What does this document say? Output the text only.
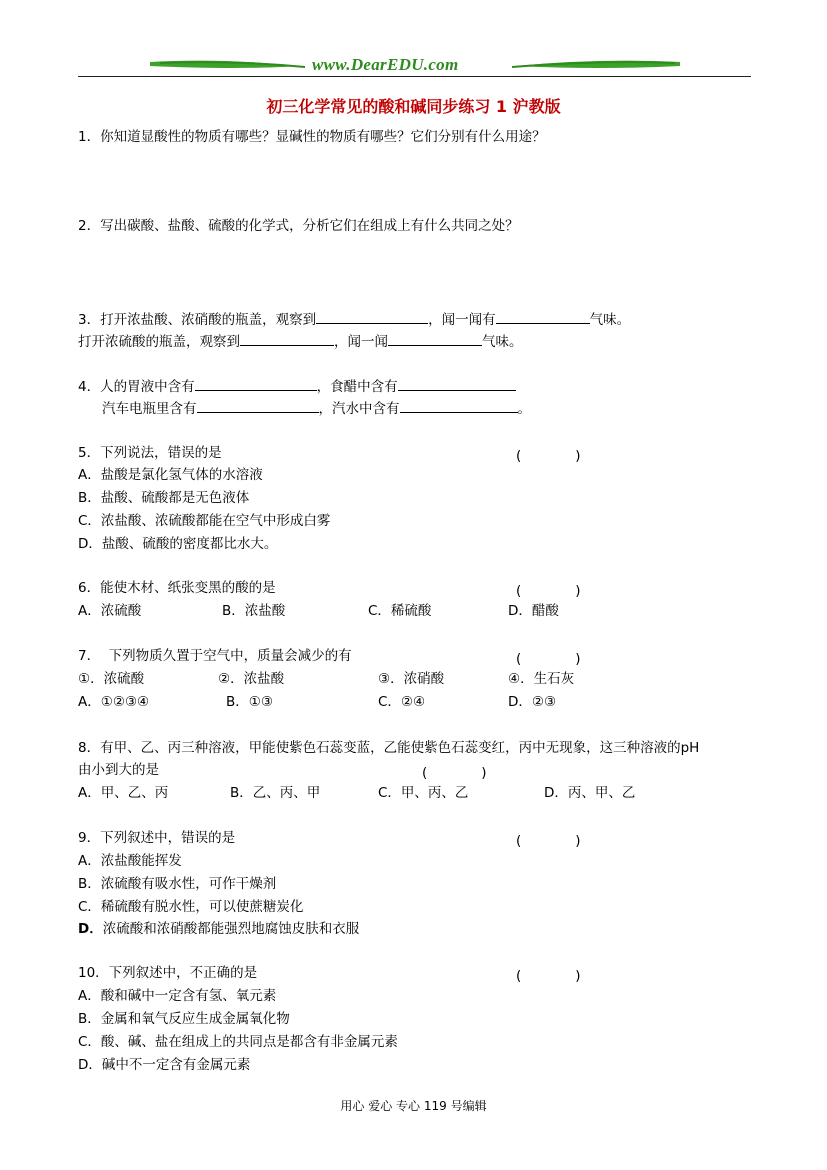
www.DearEDU.com
初三化学常见的酸和碱同步练习 1 沪教版
1．你知道显酸性的物质有哪些？显碱性的物质有哪些？它们分别有什么用途？
2．写出碳酸、盐酸、硫酸的化学式，分析它们在组成上有什么共同之处？
3．打开浓盐酸、浓硝酸的瓶盖，观察到	，闻一闻有	气味。
打开浓硫酸的瓶盖，观察到	，闻一闻	气味。
4．人的胃液中含有	，食醋中含有
汽车电瓶里含有	，汽水中含有	。
5．下列说法，错误的是	(　　　　)
A．盐酸是氯化氢气体的水溶液
B．盐酸、硫酸都是无色液体
C．浓盐酸、浓硫酸都能在空气中形成白雾
D．盐酸、硫酸的密度都比水大。
6．能使木材、纸张变黑的酸的是	(　　　　)
A．浓硫酸	B．浓盐酸	C．稀硫酸	D．醋酸
7．  下列物质久置于空气中，质量会减少的有	(　　　　)
①．浓硫酸	②．浓盐酸	③．浓硝酸	④．生石灰
A．①②③④	B．①③	C．②④	D．②③
8．有甲、乙、丙三种溶液，甲能使紫色石蕊变蓝，乙能使紫色石蕊变红，丙中无现象，这三种溶液的pH
由小到大的是	(　　　　)
A．甲、乙、丙	B．乙、丙、甲	C．甲、丙、乙	D．丙、甲、乙
9．下列叙述中，错误的是	(　　　　)
A．浓盐酸能挥发
B．浓硫酸有吸水性，可作干燥剂
C．稀硫酸有脱水性，可以使蔗糖炭化
D．浓硫酸和浓硝酸都能强烈地腐蚀皮肤和衣服
10．下列叙述中，不正确的是	(　　　　)
A．酸和碱中一定含有氢、氧元素
B．金属和氧气反应生成金属氧化物
C．酸、碱、盐在组成上的共同点是都含有非金属元素
D．碱中不一定含有金属元素
用心 爱心 专心 119 号编辑
